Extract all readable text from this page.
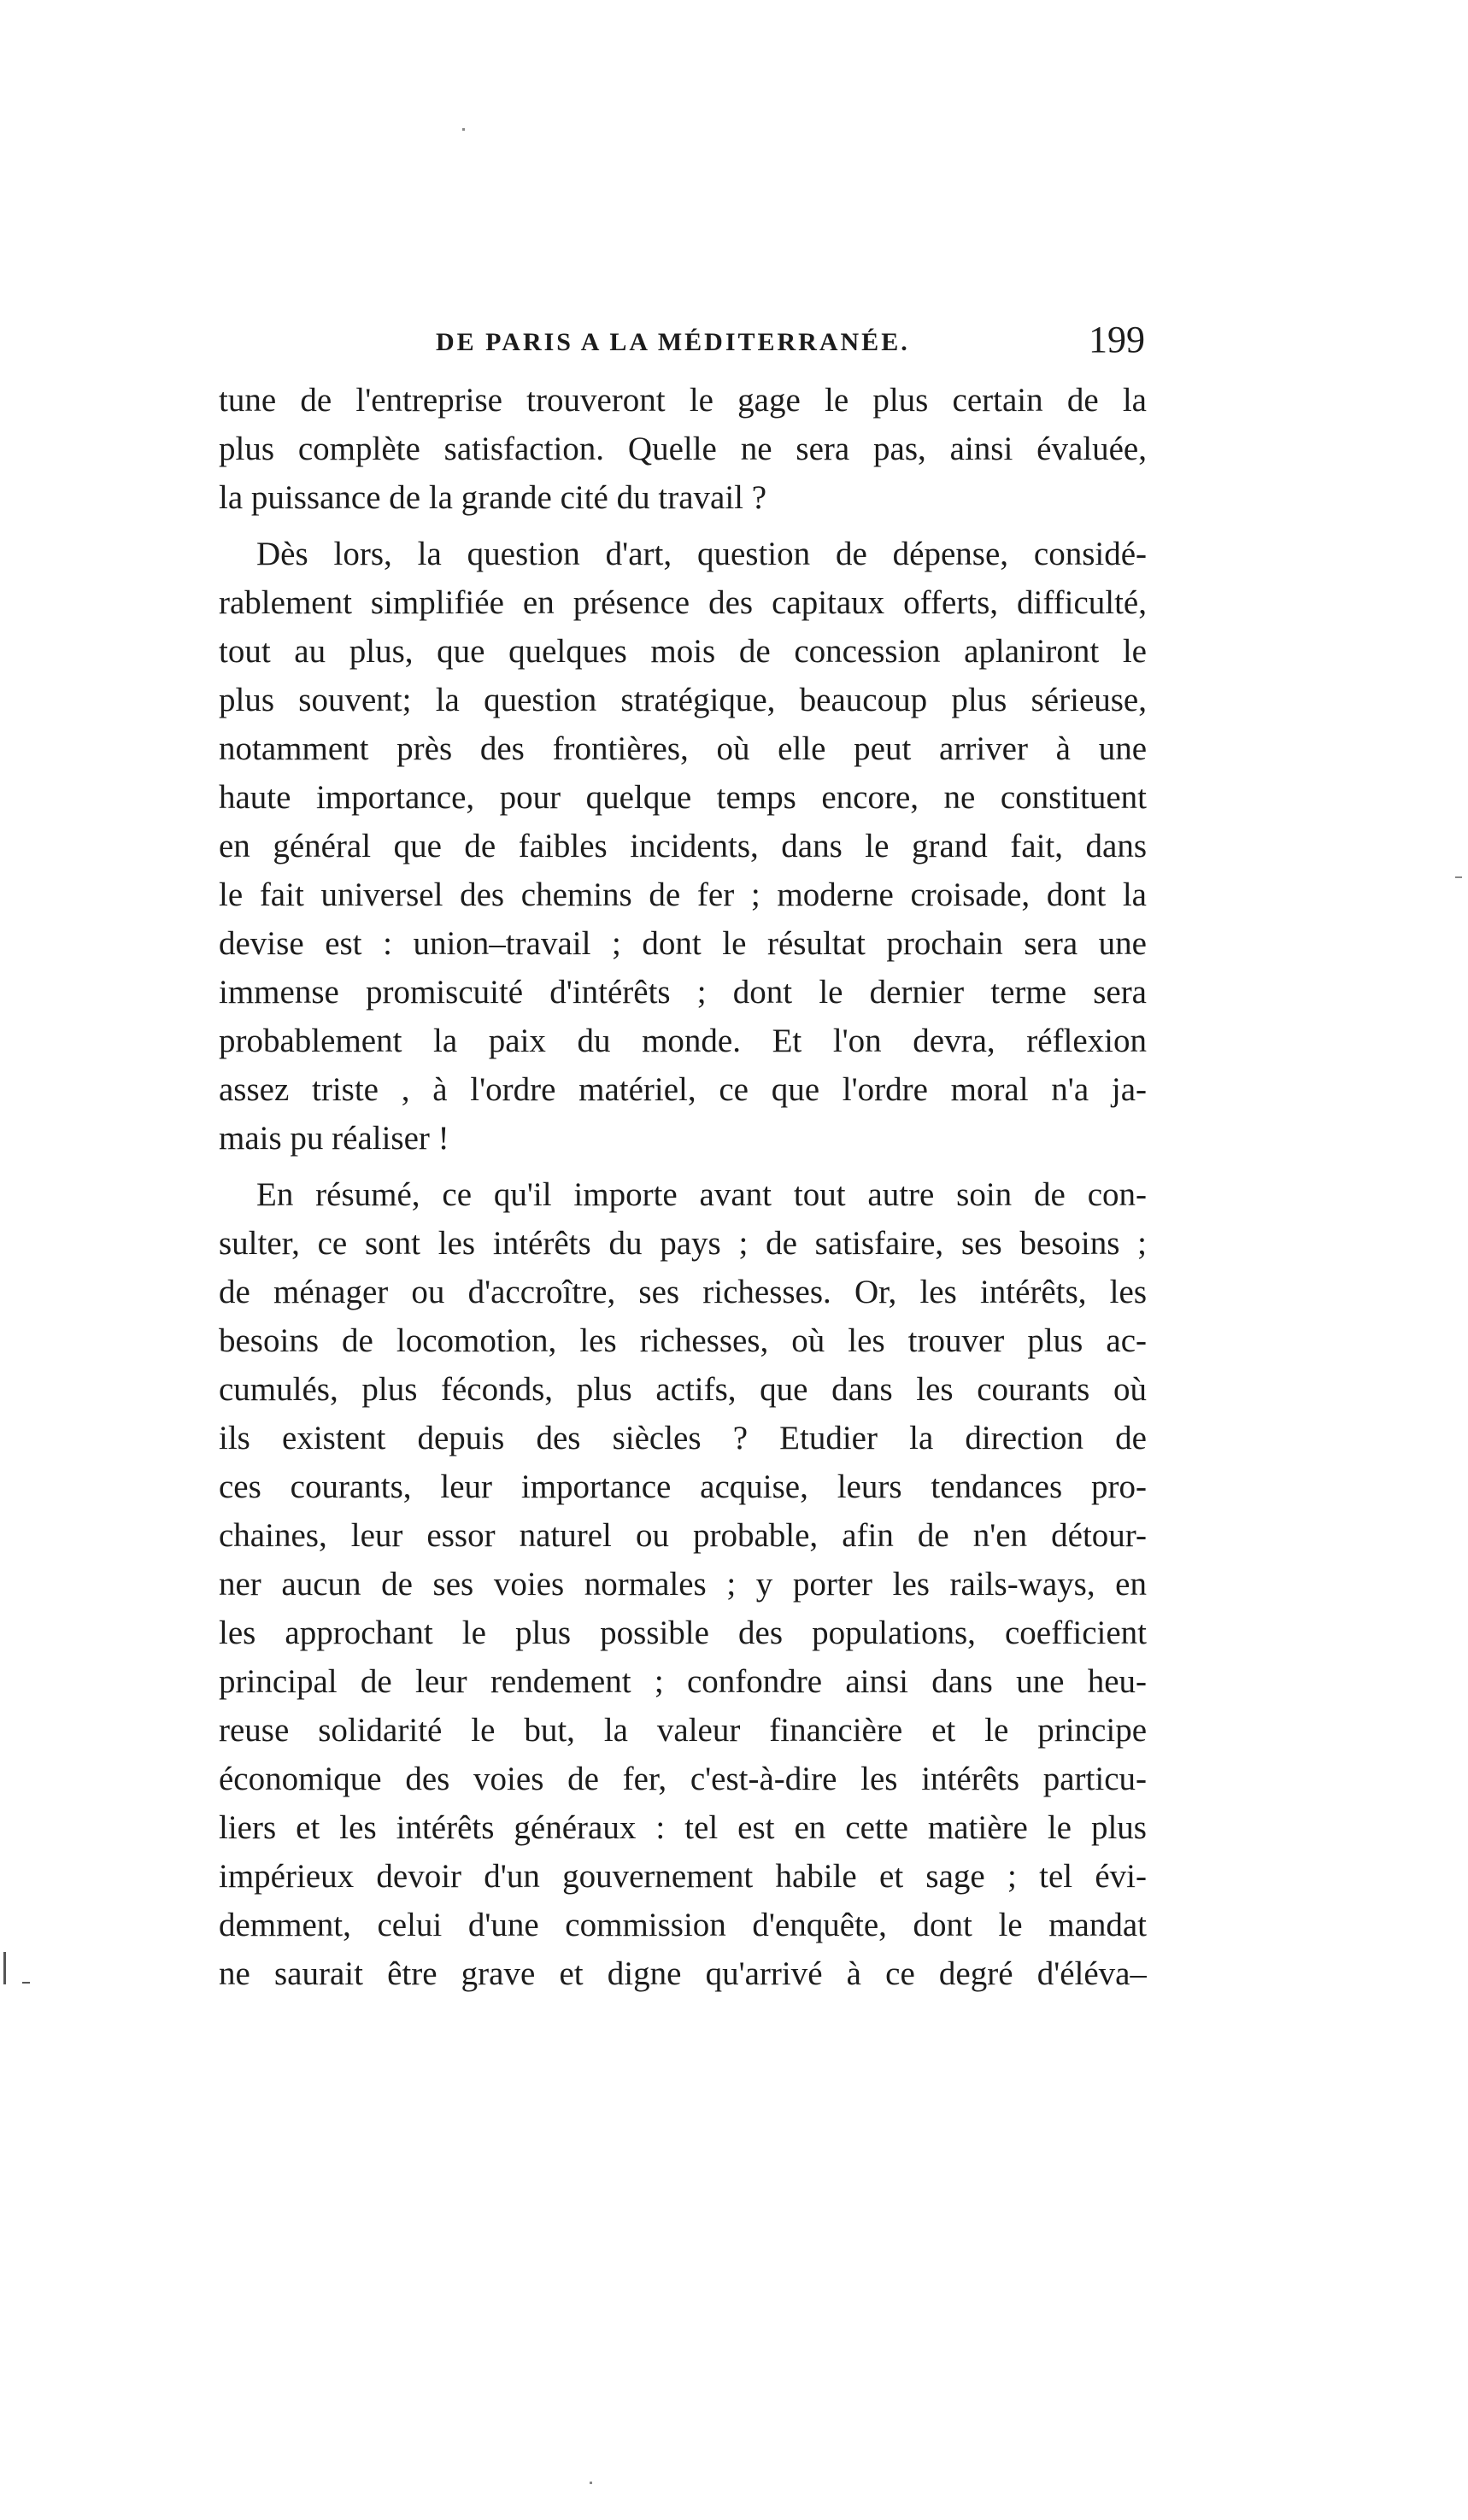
DE PARIS A LA MÉDITERRANÉE.	199
tune de l'entreprise trouveront le gage le plus certain de la
plus complète satisfaction. Quelle ne sera pas, ainsi évaluée,
la puissance de la grande cité du travail ?
Dès lors, la question d'art, question de dépense, considé-
rablement simplifiée en présence des capitaux offerts, difficulté,
tout au plus, que quelques mois de concession aplaniront le
plus souvent; la question stratégique, beaucoup plus sérieuse,
notamment près des frontières, où elle peut arriver à une
haute importance, pour quelque temps encore, ne constituent
en général que de faibles incidents, dans le grand fait, dans
le fait universel des chemins de fer ; moderne croisade, dont la
devise est : union–travail ; dont le résultat prochain sera une
immense promiscuité d'intérêts ; dont le dernier terme sera
probablement la paix du monde. Et l'on devra, réflexion
assez triste , à l'ordre matériel, ce que l'ordre moral n'a ja-
mais pu réaliser !
En résumé, ce qu'il importe avant tout autre soin de con-
sulter, ce sont les intérêts du pays ; de satisfaire, ses besoins ;
de ménager ou d'accroître, ses richesses. Or, les intérêts, les
besoins de locomotion, les richesses, où les trouver plus ac-
cumulés, plus féconds, plus actifs, que dans les courants où
ils existent depuis des siècles ? Etudier la direction de
ces courants, leur importance acquise, leurs tendances pro-
chaines, leur essor naturel ou probable, afin de n'en détour-
ner aucun de ses voies normales ; y porter les rails-ways, en
les approchant le plus possible des populations, coefficient
principal de leur rendement ; confondre ainsi dans une heu-
reuse solidarité le but, la valeur financière et le principe
économique des voies de fer, c'est-à-dire les intérêts particu-
liers et les intérêts généraux : tel est en cette matière le plus
impérieux devoir d'un gouvernement habile et sage ; tel évi-
demment, celui d'une commission d'enquête, dont le mandat
ne saurait être grave et digne qu'arrivé à ce degré d'éléva–
